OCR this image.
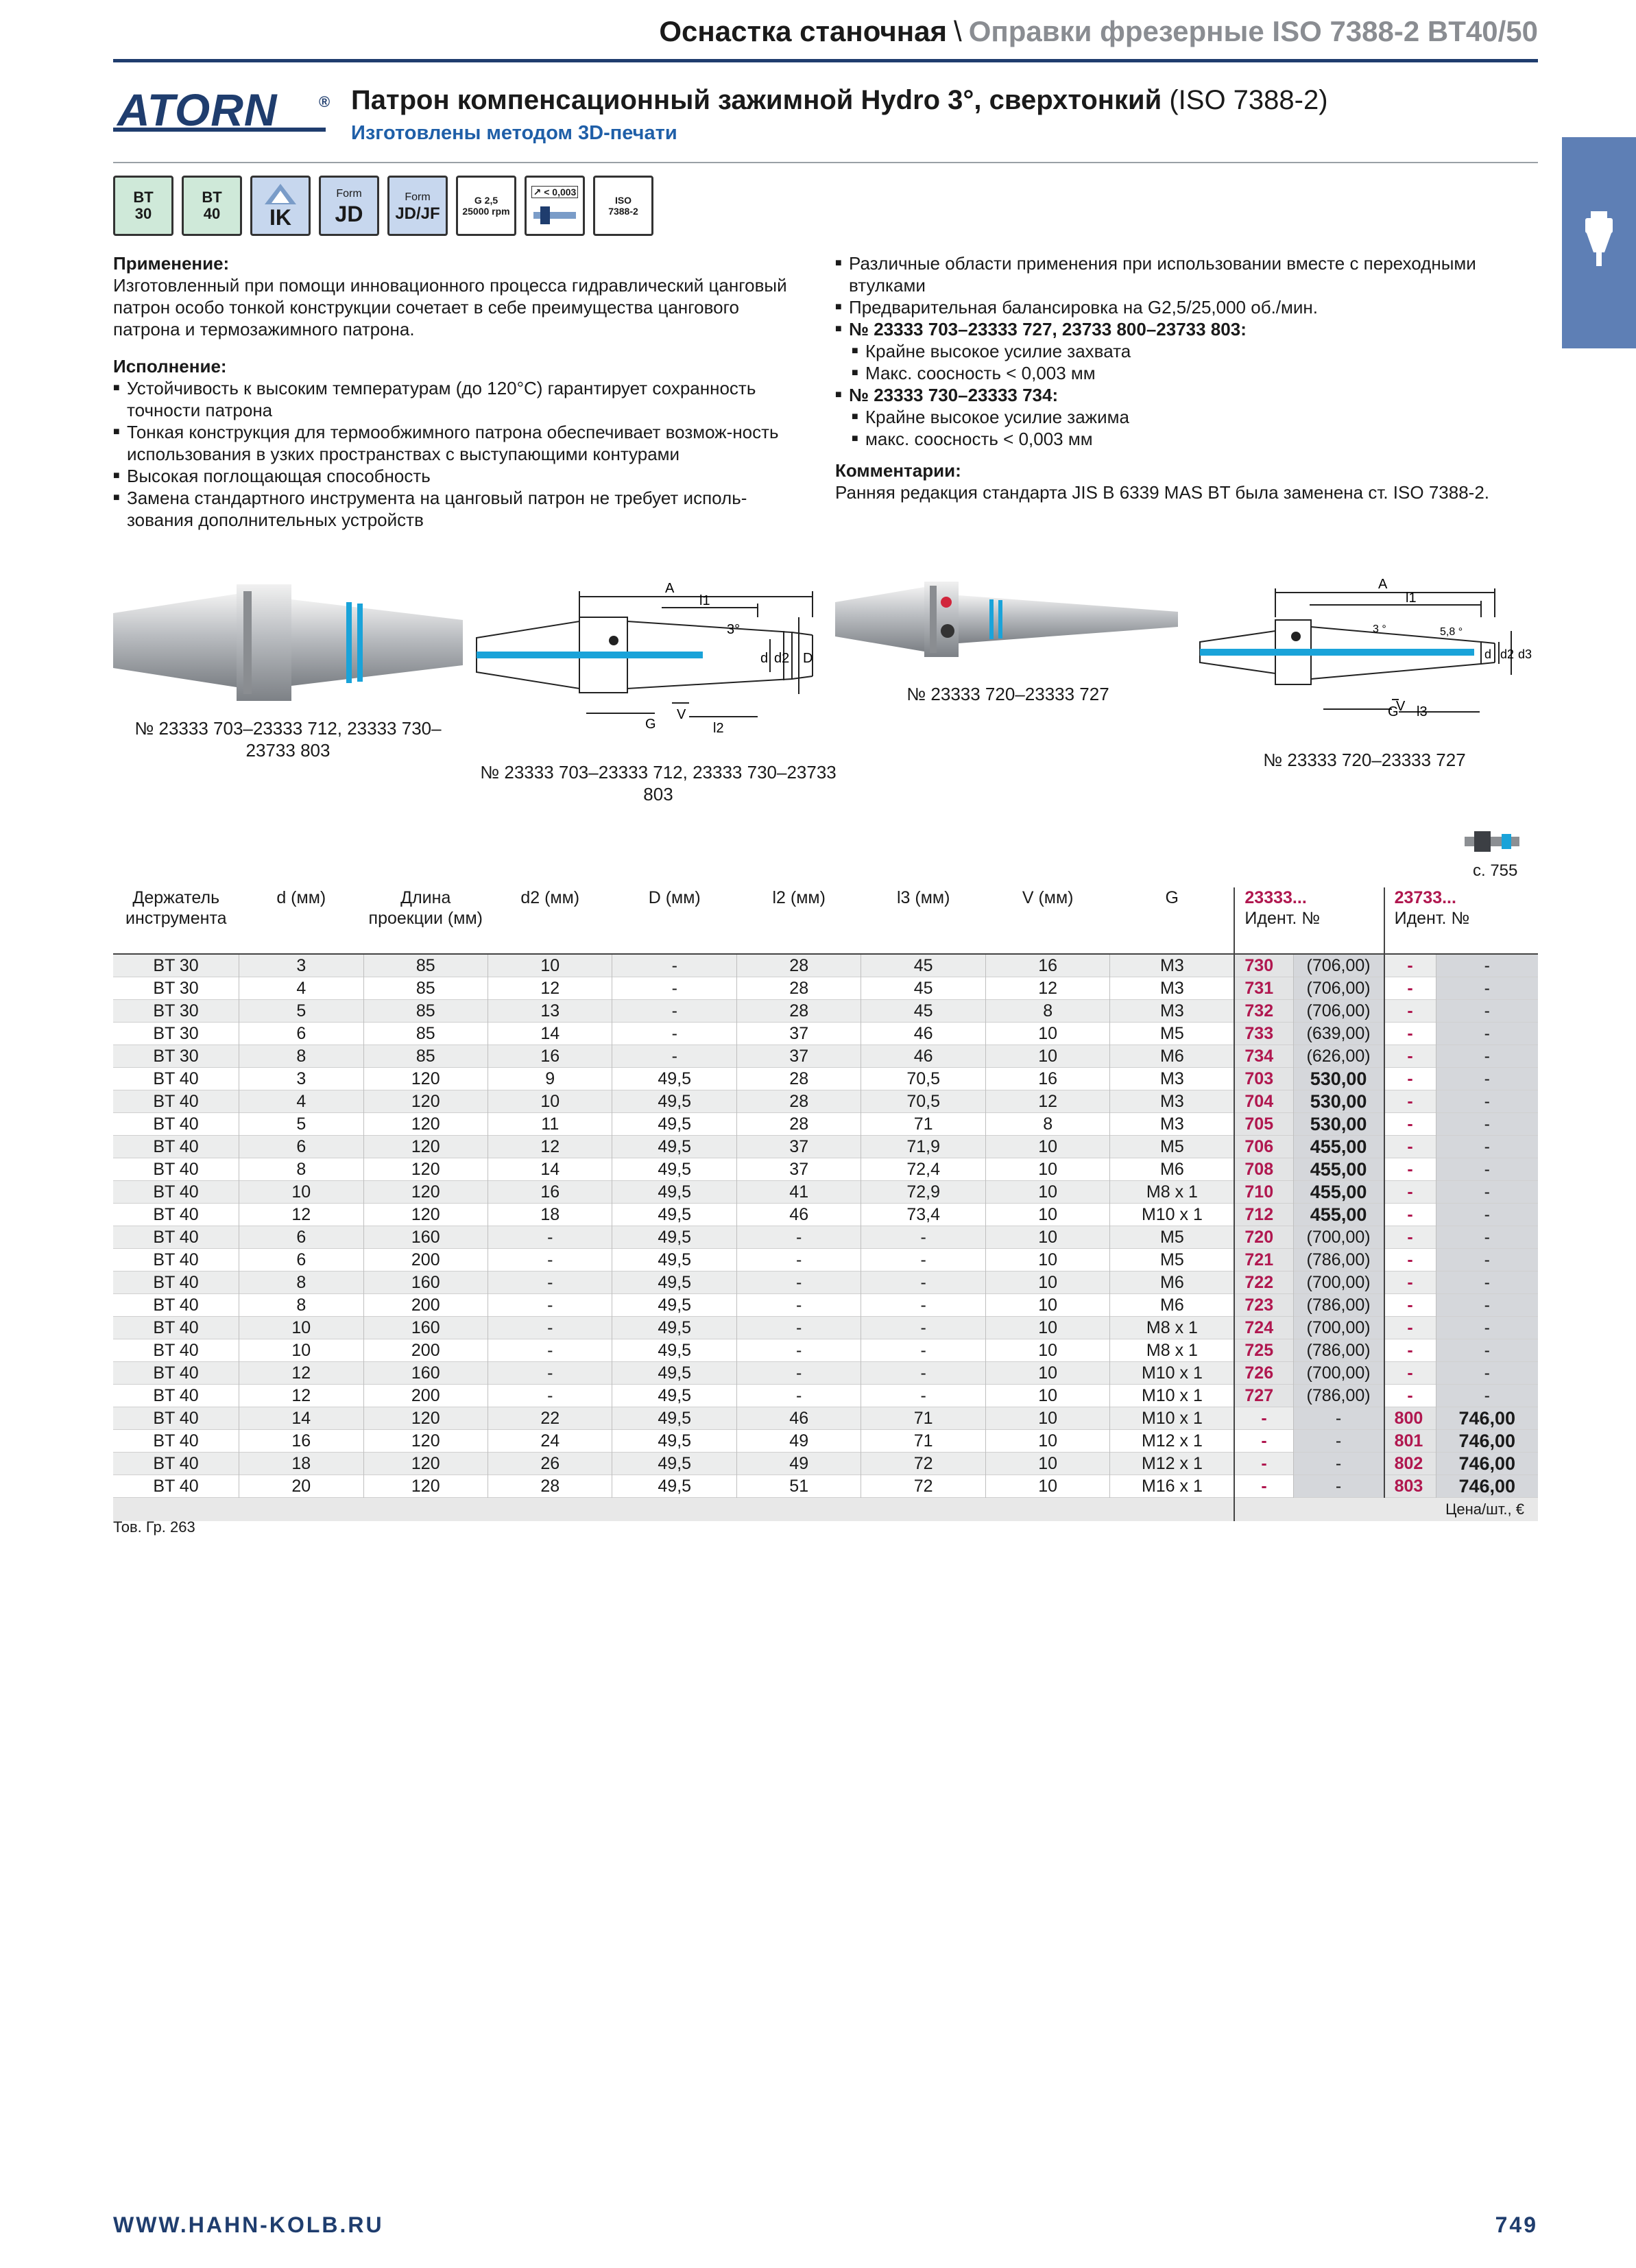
Оснастка станочная \ Оправки фрезерные ISO 7388-2 BT40/50
ATORN	® Патрон компенсационный зажимной Hydro 3°, сверхтонкий (ISO 7388-2)
Изготовлены методом 3D-печати
BT
30
BT
40 IK
Form
JD
Form
JD/JF
G 2,5
25000 rpm
↗ < 0,003
ISO
7388-2
Применение:

Изготовленный при помощи инновационного процесса гидравлический цанговый патрон особо тонкой конструкции сочетает в себе преимущества цангового патрона и термозажимного патрона.

Исполнение:
■ Устойчивость к высоким температурам (до 120°C) гарантирует сохранность точности патрона
■ Тонкая конструкция для термообжимного патрона обеспечивает возмож-ность использования в узких пространствах с выступающими контурами
■ Высокая поглощающая способность
■ Замена стандартного инструмента на цанговый патрон не требует исполь-зования дополнительных устройств
■ Различные области применения при использовании вместе с переходными втулками
■ Предварительная балансировка на G2,5/25,000 об./мин.
■ № 23333 703–23333 727, 23733 800–23733 803:
■ Крайне высокое усилие захвата
■ Макс. соосность < 0,003 мм
■ № 23333 730–23333 734:
■ Крайне высокое усилие зажима
■ макс. соосность < 0,003 мм
Комментарии:

Ранняя редакция стандарта JIS B 6339 MAS BT была заменена ст. ISO 7388-2.

№ 23333 703–23333 712, 23333 730–23733 803
A
l1
3°
d d2 D
G
V
l2
№ 23333 703–23333 712, 23333 730–23733 803
№ 23333 720–23333 727
A
l1
3 °	5,8 °
d d2 d3
G
V l3
№ 23333 720–23333 727
с. 755
Держатель инструмента	d (мм)	Длина проекции (мм)	d2 (мм)	D (мм)	l2 (мм)	l3 (мм)	V (мм)	G	23333...
Идент. №		23733...
Идент. №	
BT 30	3	85	10	-	28	45	16	M3	730	(706,00)	-	-
BT 30	4	85	12	-	28	45	12	M3	731	(706,00)	-	-
BT 30	5	85	13	-	28	45	8	M3	732	(706,00)	-	-
BT 30	6	85	14	-	37	46	10	M5	733	(639,00)	-	-
BT 30	8	85	16	-	37	46	10	M6	734	(626,00)	-	-
BT 40	3	120	9	49,5	28	70,5	16	M3	703	530,00	-	-
BT 40	4	120	10	49,5	28	70,5	12	M3	704	530,00	-	-
BT 40	5	120	11	49,5	28	71	8	M3	705	530,00	-	-
BT 40	6	120	12	49,5	37	71,9	10	M5	706	455,00	-	-
BT 40	8	120	14	49,5	37	72,4	10	M6	708	455,00	-	-
BT 40	10	120	16	49,5	41	72,9	10	M8 x 1	710	455,00	-	-
BT 40	12	120	18	49,5	46	73,4	10	M10 x 1	712	455,00	-	-
BT 40	6	160	-	49,5	-	-	10	M5	720	(700,00)	-	-
BT 40	6	200	-	49,5	-	-	10	M5	721	(786,00)	-	-
BT 40	8	160	-	49,5	-	-	10	M6	722	(700,00)	-	-
BT 40	8	200	-	49,5	-	-	10	M6	723	(786,00)	-	-
BT 40	10	160	-	49,5	-	-	10	M8 x 1	724	(700,00)	-	-
BT 40	10	200	-	49,5	-	-	10	M8 x 1	725	(786,00)	-	-
BT 40	12	160	-	49,5	-	-	10	M10 x 1	726	(700,00)	-	-
BT 40	12	200	-	49,5	-	-	10	M10 x 1	727	(786,00)	-	-
BT 40	14	120	22	49,5	46	71	10	M10 x 1	-	-	800	746,00
BT 40	16	120	24	49,5	49	71	10	M12 x 1	-	-	801	746,00
BT 40	18	120	26	49,5	49	72	10	M12 x 1	-	-	802	746,00
BT 40	20	120	28	49,5	51	72	10	M16 x 1	-	-	803	746,00
									Цена/шт., €			
Тов. Гр. 263
WWW.HAHN-KOLB.RU	749
